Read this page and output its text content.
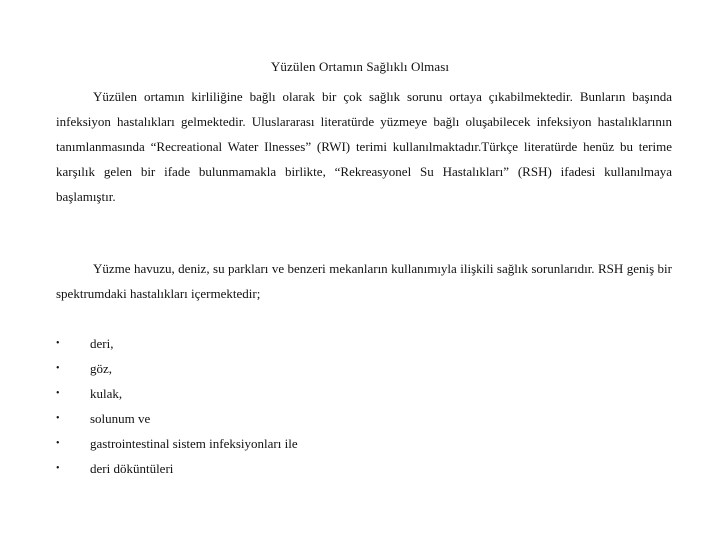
Yüzülen Ortamın Sağlıklı Olması

Yüzülen ortamın kirliliğine bağlı olarak bir çok sağlık sorunu ortaya çıkabilmektedir. Bunların başında infeksiyon hastalıkları gelmektedir. Uluslararası literatürde yüzmeye bağlı oluşabilecek infeksiyon hastalıklarının tanımlanmasında “Recreational Water Ilnesses” (RWI) terimi kullanılmaktadır.Türkçe literatürde henüz bu terime karşılık gelen bir ifade bulunmamakla birlikte, “Rekreasyonel Su Hastalıkları” (RSH) ifadesi kullanılmaya başlamıştır.

Yüzme havuzu, deniz, su parkları ve benzeri mekanların kullanımıyla ilişkili sağlık sorunlarıdır. RSH geniş bir spektrumdaki hastalıkları içermektedir;

• deri,
• göz,
• kulak,
• solunum ve
• gastrointestinal sistem infeksiyonları ile
• deri döküntüleri
